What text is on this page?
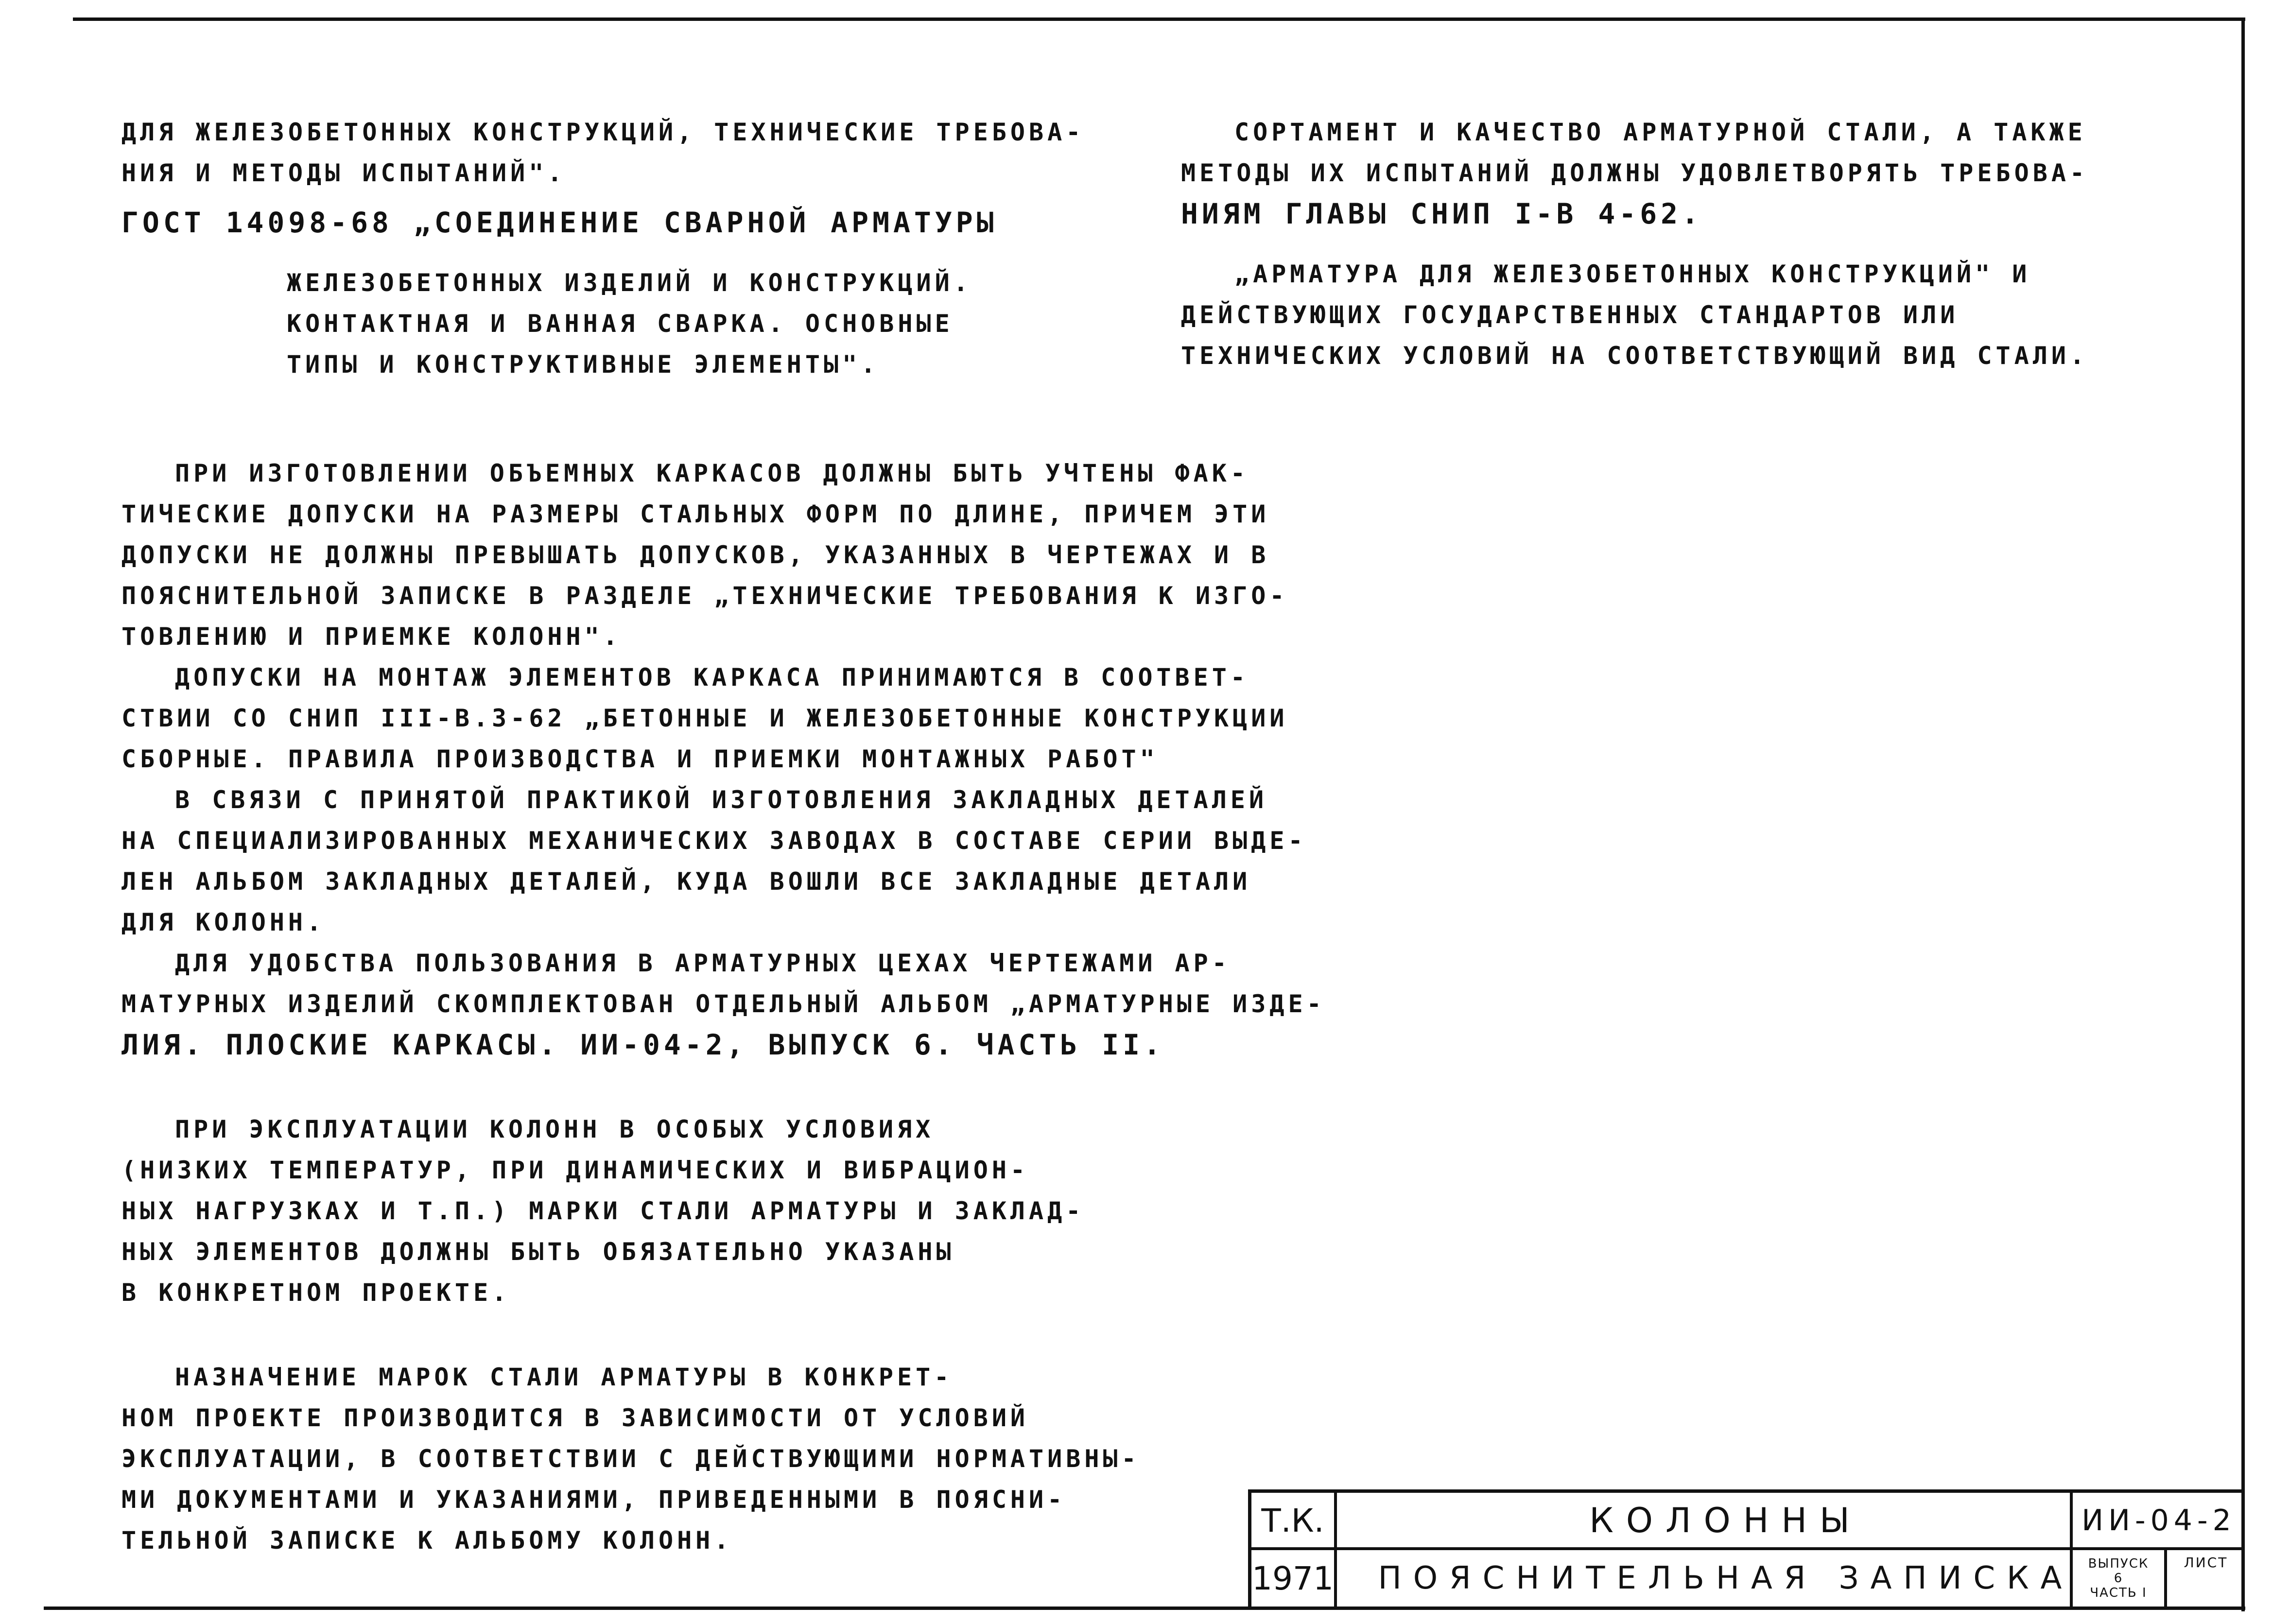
ДЛЯ ЖЕЛЕЗОБЕТОННЫХ КОНСТРУКЦИЙ, ТЕХНИЧЕСКИЕ ТРЕБОВА-
НИЯ И МЕТОДЫ ИСПЫТАНИЙ".
ГОСТ 14098-68 „СОЕДИНЕНИЕ СВАРНОЙ АРМАТУРЫ
ЖЕЛЕЗОБЕТОННЫХ ИЗДЕЛИЙ И КОНСТРУКЦИЙ.
КОНТАКТНАЯ И ВАННАЯ СВАРКА. ОСНОВНЫЕ
ТИПЫ И КОНСТРУКТИВНЫЕ ЭЛЕМЕНТЫ".
ПРИ ИЗГОТОВЛЕНИИ ОБЪЕМНЫХ КАРКАСОВ ДОЛЖНЫ БЫТЬ УЧТЕНЫ ФАК-
ТИЧЕСКИЕ ДОПУСКИ НА РАЗМЕРЫ СТАЛЬНЫХ ФОРМ ПО ДЛИНЕ, ПРИЧЕМ ЭТИ
ДОПУСКИ НЕ ДОЛЖНЫ ПРЕВЫШАТЬ ДОПУСКОВ, УКАЗАННЫХ В ЧЕРТЕЖАХ И В
ПОЯСНИТЕЛЬНОЙ ЗАПИСКЕ В РАЗДЕЛЕ „ТЕХНИЧЕСКИЕ ТРЕБОВАНИЯ К ИЗГО-
ТОВЛЕНИЮ И ПРИЕМКЕ КОЛОНН".
ДОПУСКИ НА МОНТАЖ ЭЛЕМЕНТОВ КАРКАСА ПРИНИМАЮТСЯ В СООТВЕТ-
СТВИИ СО СНИП III-В.3-62 „БЕТОННЫЕ И ЖЕЛЕЗОБЕТОННЫЕ КОНСТРУКЦИИ
СБОРНЫЕ. ПРАВИЛА ПРОИЗВОДСТВА И ПРИЕМКИ МОНТАЖНЫХ РАБОТ"
В СВЯЗИ С ПРИНЯТОЙ ПРАКТИКОЙ ИЗГОТОВЛЕНИЯ ЗАКЛАДНЫХ ДЕТАЛЕЙ
НА СПЕЦИАЛИЗИРОВАННЫХ МЕХАНИЧЕСКИХ ЗАВОДАХ В СОСТАВЕ СЕРИИ ВЫДЕ-
ЛЕН АЛЬБОМ ЗАКЛАДНЫХ ДЕТАЛЕЙ, КУДА ВОШЛИ ВСЕ ЗАКЛАДНЫЕ ДЕТАЛИ
ДЛЯ КОЛОНН.
ДЛЯ УДОБСТВА ПОЛЬЗОВАНИЯ В АРМАТУРНЫХ ЦЕХАХ ЧЕРТЕЖАМИ АР-
МАТУРНЫХ ИЗДЕЛИЙ СКОМПЛЕКТОВАН ОТДЕЛЬНЫЙ АЛЬБОМ „АРМАТУРНЫЕ ИЗДЕ-
ЛИЯ. ПЛОСКИЕ КАРКАСЫ. ИИ-04-2, ВЫПУСК 6. ЧАСТЬ II.
ПРИ ЭКСПЛУАТАЦИИ КОЛОНН В ОСОБЫХ УСЛОВИЯХ
(НИЗКИХ ТЕМПЕРАТУР, ПРИ ДИНАМИЧЕСКИХ И ВИБРАЦИОН-
НЫХ НАГРУЗКАХ И Т.П.) МАРКИ СТАЛИ АРМАТУРЫ И ЗАКЛАД-
НЫХ ЭЛЕМЕНТОВ ДОЛЖНЫ БЫТЬ ОБЯЗАТЕЛЬНО УКАЗАНЫ
В КОНКРЕТНОМ ПРОЕКТЕ.
НАЗНАЧЕНИЕ МАРОК СТАЛИ АРМАТУРЫ В КОНКРЕТ-
НОМ ПРОЕКТЕ ПРОИЗВОДИТСЯ В ЗАВИСИМОСТИ ОТ УСЛОВИЙ
ЭКСПЛУАТАЦИИ, В СООТВЕТСТВИИ С ДЕЙСТВУЮЩИМИ НОРМАТИВНЫ-
МИ ДОКУМЕНТАМИ И УКАЗАНИЯМИ, ПРИВЕДЕННЫМИ В ПОЯСНИ-
ТЕЛЬНОЙ ЗАПИСКЕ К АЛЬБОМУ КОЛОНН.
СОРТАМЕНТ И КАЧЕСТВО АРМАТУРНОЙ СТАЛИ, А ТАКЖЕ
МЕТОДЫ ИХ ИСПЫТАНИЙ ДОЛЖНЫ УДОВЛЕТВОРЯТЬ ТРЕБОВА-
НИЯМ ГЛАВЫ СНИП I-В 4-62.
„АРМАТУРА ДЛЯ ЖЕЛЕЗОБЕТОННЫХ КОНСТРУКЦИЙ" И
ДЕЙСТВУЮЩИХ ГОСУДАРСТВЕННЫХ СТАНДАРТОВ ИЛИ
ТЕХНИЧЕСКИХ УСЛОВИЙ НА СООТВЕТСТВУЮЩИЙ ВИД СТАЛИ.
Т.К.
1971
КОЛОННЫ
ПОЯСНИТЕЛЬНАЯ ЗАПИСКА
ИИ-04-2
ВЫПУСК
6
ЧАСТЬ I
ЛИСТ
